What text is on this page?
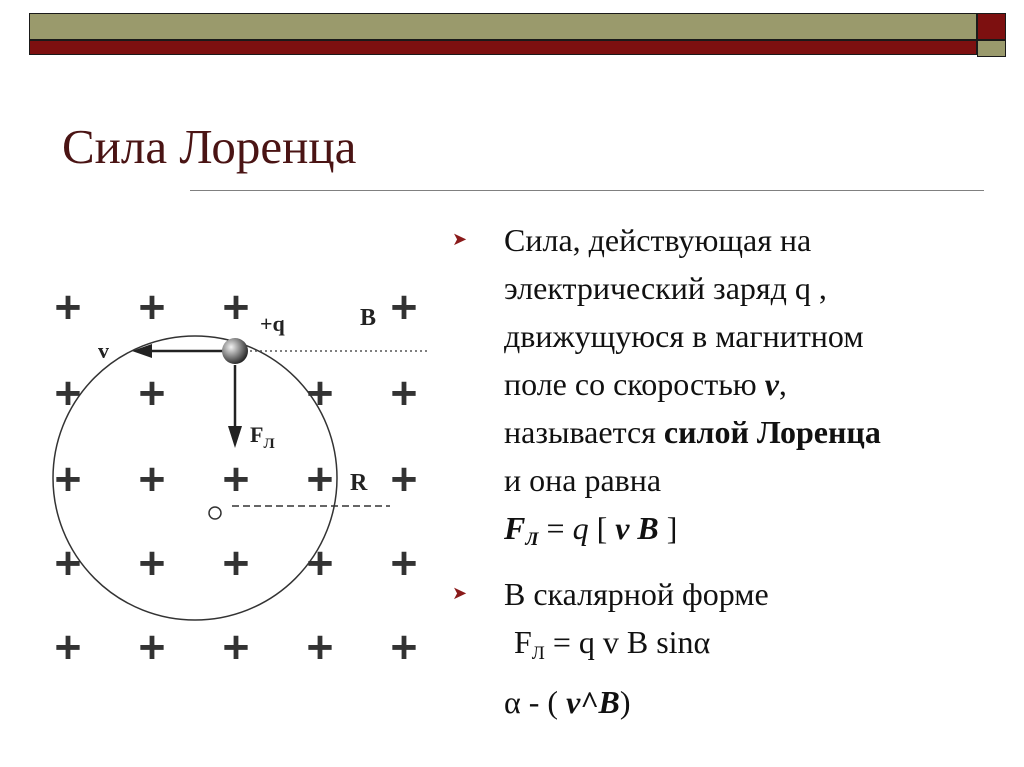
Сила Лоренца
+ + +	+
+ +	+ +
+ + + + +
+ + + + +
+ + + + +
+q	B
v
$F_Л$
R
➤	Сила, действующая на
электрический заряд q ,
движущуюся в магнитном
поле со скоростью v,
называется силой Лоренца
и она равна
$F_Л = q$ [ v B ]
➤	В скалярной форме
$F_Л = q$ v B sinα
α - ( v^B)
